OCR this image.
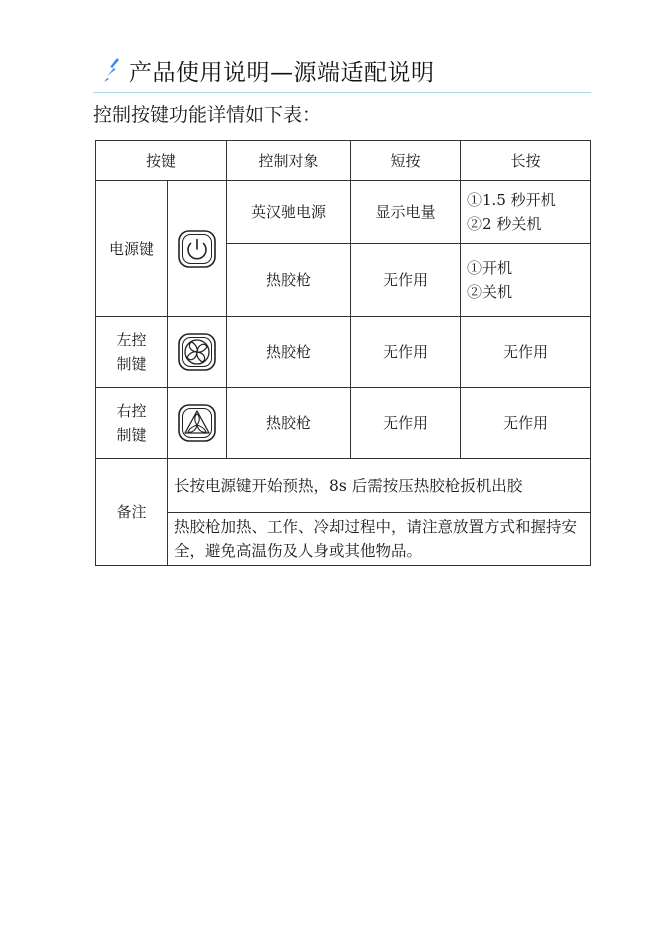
产品使用说明—源端适配说明
控制按键功能详情如下表：
按键		控制对象	短按	长按
电源键		英汉驰电源	显示电量	①1.5 秒开机
②2 秒关机

		热胶枪	无作用	①开机
②关机

左控
制键		热胶枪	无作用	无作用

右控
制键		热胶枪	无作用	无作用
备注	长按电源键开始预热，8s 后需按压热胶枪扳机出胶			
	热胶枪加热、工作、冷却过程中，请注意放置方式和握持安全，避免高温伤及人身或其他物品。			
